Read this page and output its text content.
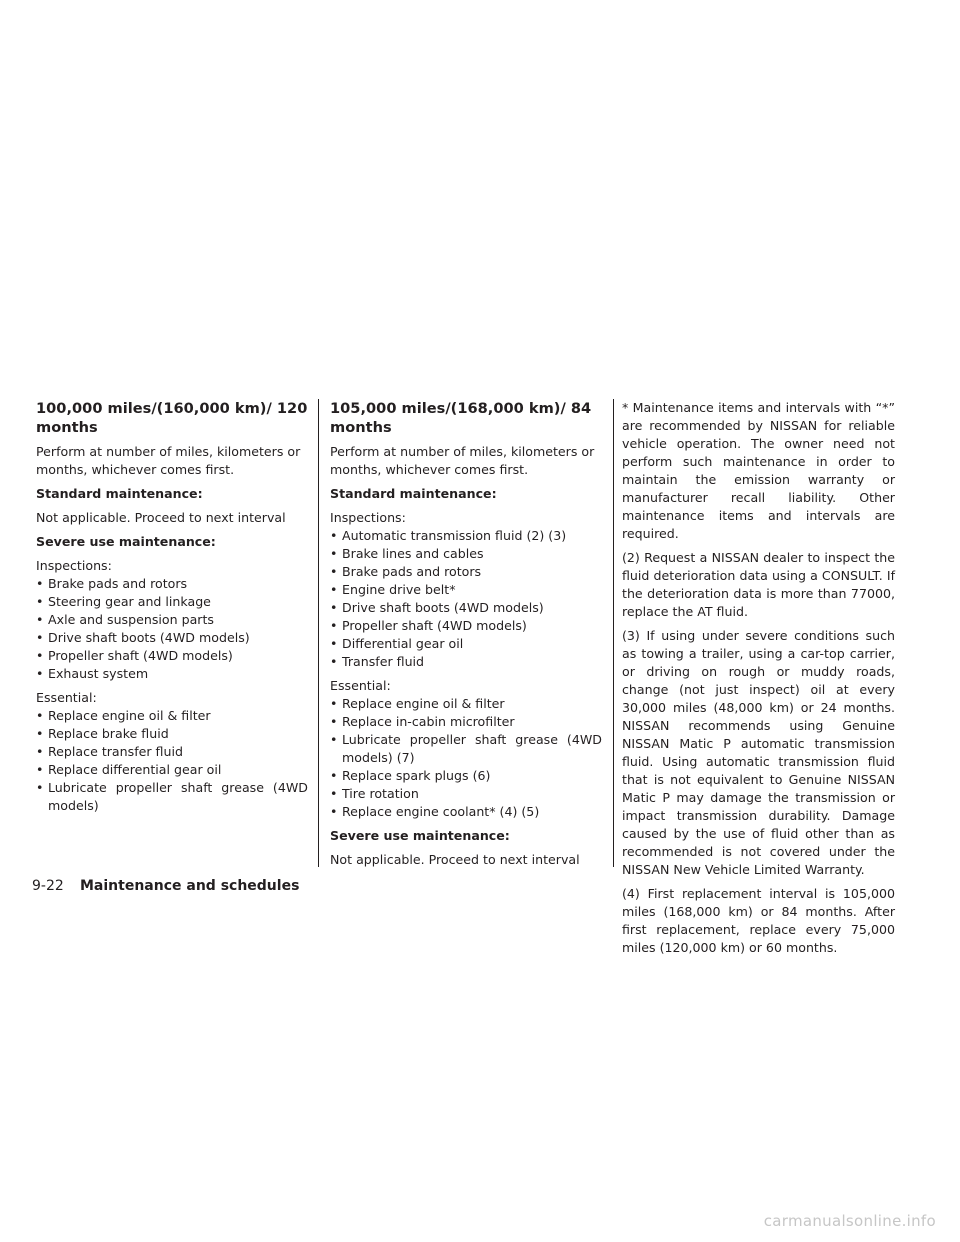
100,000 miles/(160,000 km)/ 120 months

Perform at number of miles, kilometers or months, whichever comes first.

Standard maintenance:

Not applicable. Proceed to next interval

Severe use maintenance:

Inspections:

• Brake pads and rotors
• Steering gear and linkage
• Axle and suspension parts
• Drive shaft boots (4WD models)
• Propeller shaft (4WD models)
• Exhaust system

Essential:

• Replace engine oil & filter
• Replace brake fluid
• Replace transfer fluid
• Replace differential gear oil
• Lubricate propeller shaft grease (4WD models)
105,000 miles/(168,000 km)/ 84 months

Perform at number of miles, kilometers or months, whichever comes first.

Standard maintenance:

Inspections:

• Automatic transmission fluid (2) (3)
• Brake lines and cables
• Brake pads and rotors
• Engine drive belt*
• Drive shaft boots (4WD models)
• Propeller shaft (4WD models)
• Differential gear oil
• Transfer fluid

Essential:

• Replace engine oil & filter
• Replace in-cabin microfilter
• Lubricate propeller shaft grease (4WD models) (7)
• Replace spark plugs (6)
• Tire rotation
• Replace engine coolant* (4) (5)

Severe use maintenance:

Not applicable. Proceed to next interval

* Maintenance items and intervals with “*” are recommended by NISSAN for reliable vehicle operation. The owner need not perform such maintenance in order to maintain the emission warranty or manufacturer recall liability. Other maintenance items and intervals are required.

(2) Request a NISSAN dealer to inspect the fluid deterioration data using a CONSULT. If the deterioration data is more than 77000, replace the AT fluid.

(3) If using under severe conditions such as towing a trailer, using a car-top carrier, or driving on rough or muddy roads, change (not just inspect) oil at every 30,000 miles (48,000 km) or 24 months. NISSAN recommends using Genuine NISSAN Matic P automatic transmission fluid. Using automatic transmission fluid that is not equivalent to Genuine NISSAN Matic P may damage the transmission or impact transmission durability. Damage caused by the use of fluid other than as recommended is not covered under the NISSAN New Vehicle Limited Warranty.

(4) First replacement interval is 105,000 miles (168,000 km) or 84 months. After first replacement, replace every 75,000 miles (120,000 km) or 60 months.

9-22 Maintenance and schedules
carmanualsonline.info
